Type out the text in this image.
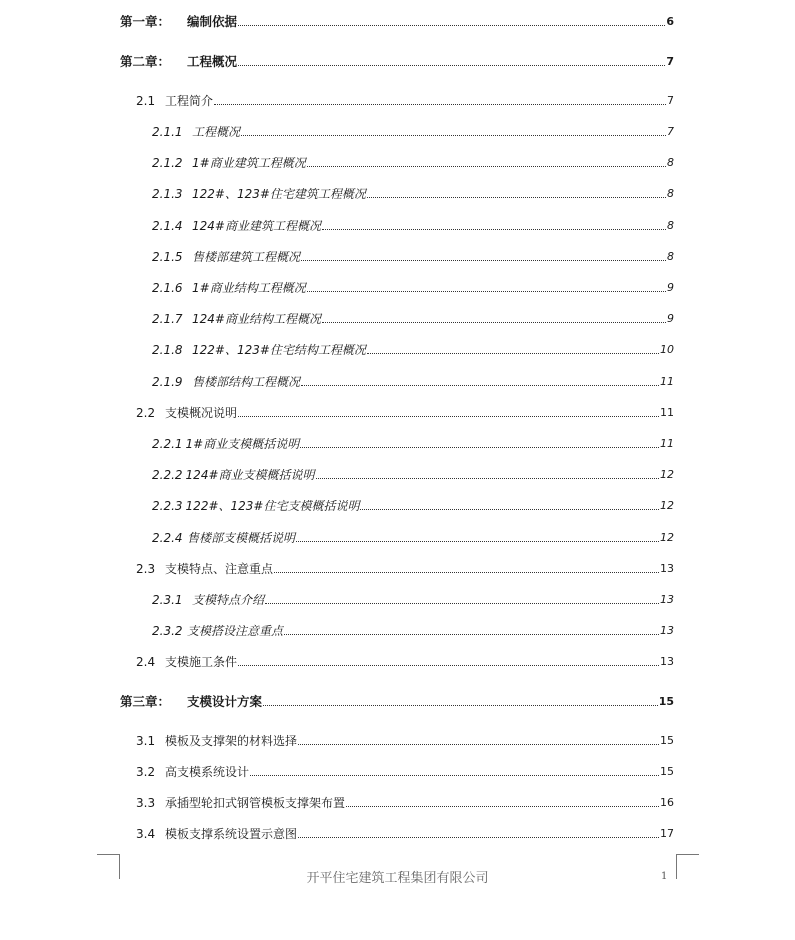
第一章：	编制依据	6
第二章：	工程概况	7
2.1 工程简介	7
2.1.1 工程概况	7
2.1.2 1#商业建筑工程概况	8
2.1.3 122#、123#住宅建筑工程概况	8
2.1.4 124#商业建筑工程概况	8
2.1.5 售楼部建筑工程概况	8
2.1.6 1#商业结构工程概况	9
2.1.7 124#商业结构工程概况	9
2.1.8 122#、123#住宅结构工程概况	10
2.1.9 售楼部结构工程概况	11
2.2 支模概况说明	11
2.2.1 1#商业支模概括说明	11
2.2.2 124#商业支模概括说明	12
2.2.3 122#、123#住宅支模概括说明	12
2.2.4 售楼部支模概括说明	12
2.3 支模特点、注意重点	13
2.3.1 支模特点介绍	13
2.3.2 支模搭设注意重点	13
2.4 支模施工条件	13
第三章：	支模设计方案	15
3.1 模板及支撑架的材料选择	15
3.2 高支模系统设计	15
3.3 承插型轮扣式钢管模板支撑架布置	16
3.4 模板支撑系统设置示意图	17
开平住宅建筑工程集团有限公司	1
